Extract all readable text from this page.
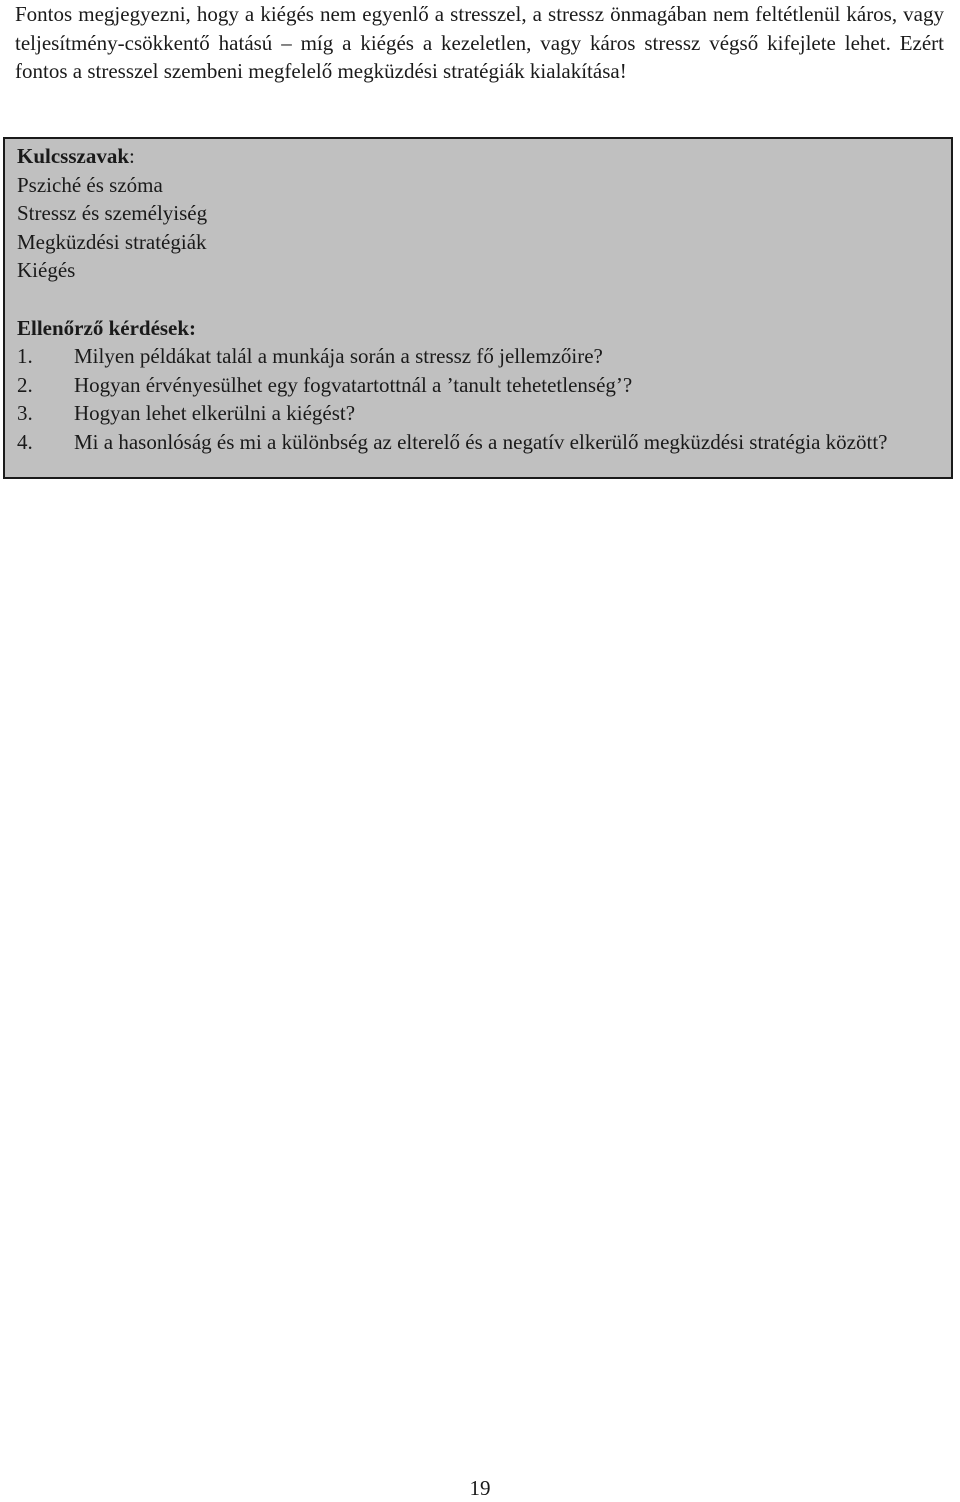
Fontos megjegyezni, hogy a kiégés nem egyenlő a stresszel, a stressz önmagában nem feltétlenül káros, vagy teljesítmény-csökkentő hatású – míg a kiégés a kezeletlen, vagy káros stressz végső kifejlete lehet. Ezért fontos a stresszel szembeni megfelelő megküzdési stratégiák kialakítása!

Kulcsszavak:
Psziché és szóma
Stressz és személyiség
Megküzdési stratégiák
Kiégés
Ellenőrző kérdések:
1.	Milyen példákat talál a munkája során a stressz fő jellemzőire?
2.	Hogyan érvényesülhet egy fogvatartottnál a ’tanult tehetetlenség’?
3.	Hogyan lehet elkerülni a kiégést?
4.	Mi a hasonlóság és mi a különbség az elterelő és a negatív elkerülő megküzdési stratégia között?
19
